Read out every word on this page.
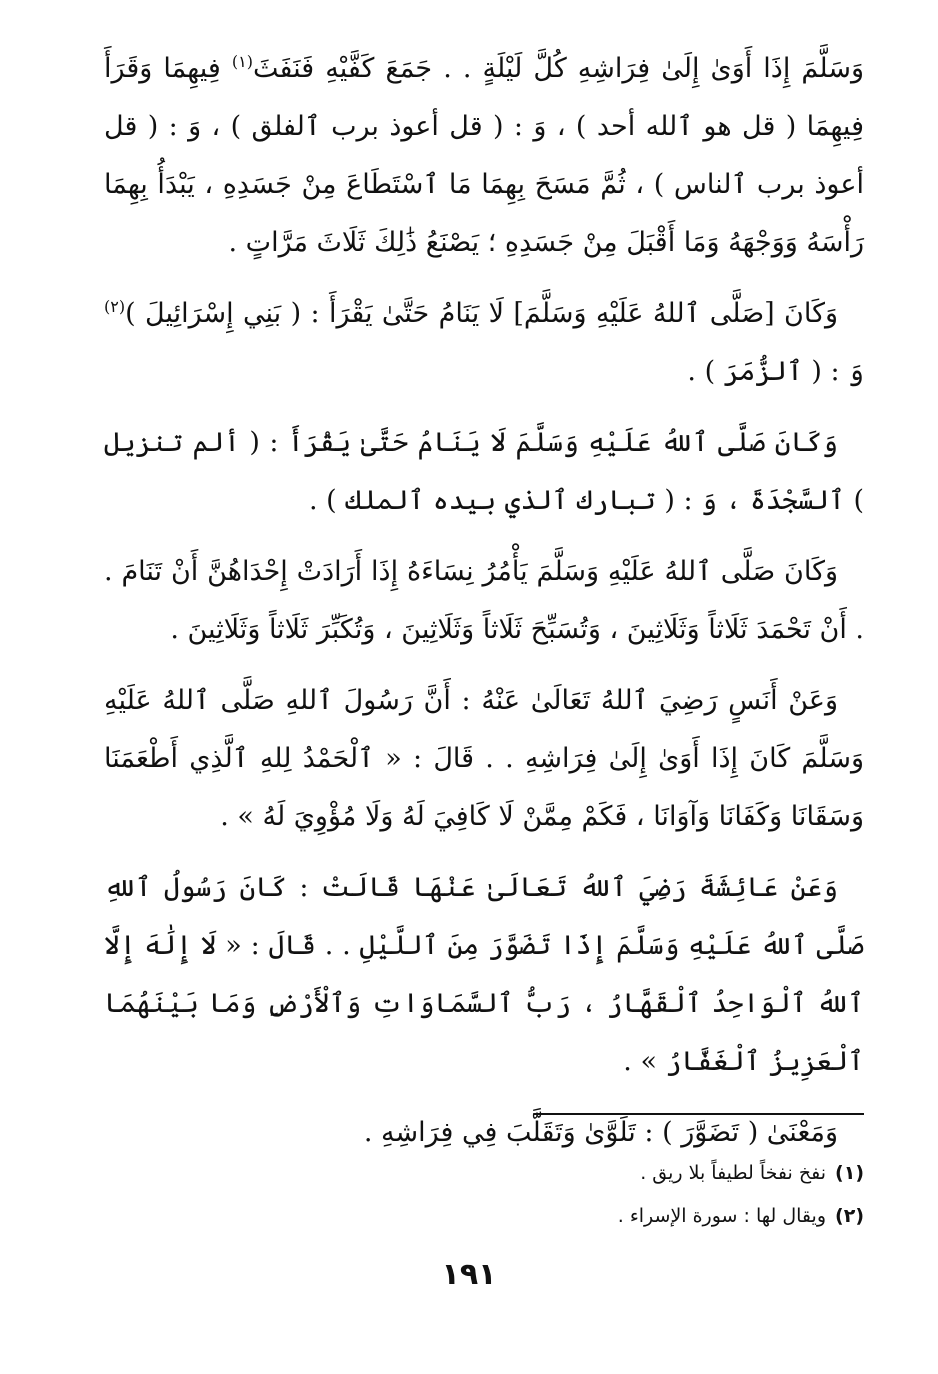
وَسَلَّمَ إِذَا أَوَىٰ إِلَىٰ فِرَاشِهِ كُلَّ لَيْلَةٍ . . جَمَعَ كَفَّيْهِ فَنَفَثَ$^{(١)}$ فِيهِمَا وَقَرَأَ فِيهِمَا ( قل هو ٱلله أحد ) ، وَ : ( قل أعوذ برب ٱلفلق ) ، وَ : ( قل أعوذ برب ٱلناس ) ، ثُمَّ مَسَحَ بِهِمَا مَا ٱسْتَطَاعَ مِنْ جَسَدِهِ ، يَبْدَأُ بِهِمَا رَأْسَهُ وَوَجْهَهُ وَمَا أَقْبَلَ مِنْ جَسَدِهِ ؛ يَصْنَعُ ذَٰلِكَ ثَلَاثَ مَرَّاتٍ .

وَكَانَ [صَلَّى ٱللهُ عَلَيْهِ وَسَلَّمَ] لَا يَنَامُ حَتَّىٰ يَقْرَأَ : ( بَنِي إِسْرَائِيلَ )$^{(٢)}$ وَ : ( ٱلزُّمَرَ ) .

وَكَانَ صَلَّى ٱللهُ عَلَيْهِ وَسَلَّمَ لَا يَنَامُ حَتَّىٰ يَقْرَأَ : ( ألم تنزيل ) ٱلسَّجْدَةَ ، وَ : ( تبارك ٱلذي بيده ٱلملك ) .

وَكَانَ صَلَّى ٱللهُ عَلَيْهِ وَسَلَّمَ يَأْمُرُ نِسَاءَهُ إِذَا أَرَادَتْ إِحْدَاهُنَّ أَنْ تَنَامَ . . أَنْ تَحْمَدَ ثَلَاثاً وَثَلَاثِينَ ، وَتُسَبِّحَ ثَلَاثاً وَثَلَاثِينَ ، وَتُكَبِّرَ ثَلَاثاً وَثَلَاثِينَ .

وَعَنْ أَنَسٍ رَضِيَ ٱللهُ تَعَالَىٰ عَنْهُ : أَنَّ رَسُولَ ٱللهِ صَلَّى ٱللهُ عَلَيْهِ وَسَلَّمَ كَانَ إِذَا أَوَىٰ إِلَىٰ فِرَاشِهِ . . قَالَ : « ٱلْحَمْدُ لِلهِ ٱلَّذِي أَطْعَمَنَا وَسَقَانَا وَكَفَانَا وَآوَانَا ، فَكَمْ مِمَّنْ لَا كَافِيَ لَهُ وَلَا مُؤْوِيَ لَهُ » .

وَعَنْ عَائِشَةَ رَضِيَ ٱللهُ تَعَالَىٰ عَنْهَا قَالَتْ : كَانَ رَسُولُ ٱللهِ صَلَّى ٱللهُ عَلَيْهِ وَسَلَّمَ إِذَا تَضَوَّرَ مِنَ ٱللَّيْلِ . . قَالَ : « لَا إِلَٰهَ إِلَّا ٱللهُ ٱلْوَاحِدُ ٱلْقَهَّارُ ، رَبُّ ٱلسَّمَاوَاتِ وَٱلْأَرْضِ وَمَا بَيْنَهُمَا ٱلْعَزِيزُ ٱلْغَفَّارُ » .

وَمَعْنَىٰ ( تَضَوَّرَ ) : تَلَوَّىٰ وَتَقَلَّبَ فِي فِرَاشِهِ .

(١)نفخ نفخاً لطيفاً بلا ريق .

(٢)ويقال لها : سورة الإسراء .

١٩١
